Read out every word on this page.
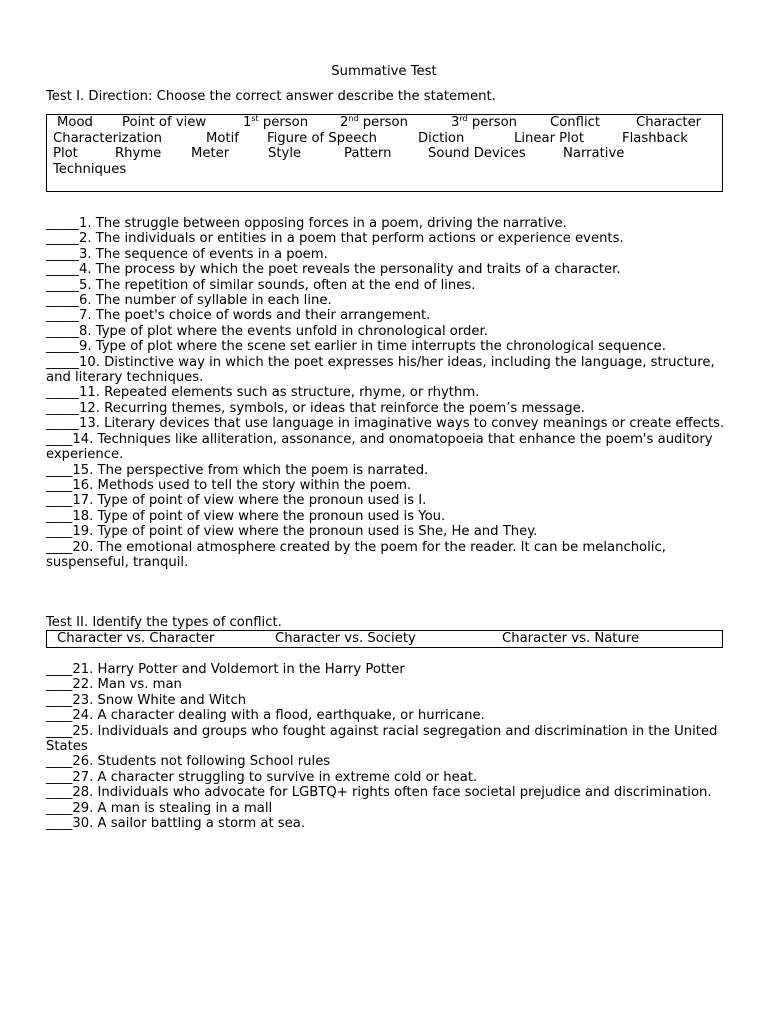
Summative Test
Test I. Direction: Choose the correct answer describe the statement.
Mood Point of view	1st person 2nd person	3rd person Conflict	Character
Characterization	Motif Figure of Speech	Diction	Linear Plot	Flashback
Plot	Rhyme Meter	Style	Pattern	Sound Devices	Narrative
Techniques

_____1. The struggle between opposing forces in a poem, driving the narrative.

_____2. The individuals or entities in a poem that perform actions or experience events.

_____3. The sequence of events in a poem.

_____4. The process by which the poet reveals the personality and traits of a character.

_____5. The repetition of similar sounds, often at the end of lines.

_____6. The number of syllable in each line.

_____7. The poet's choice of words and their arrangement.

_____8. Type of plot where the events unfold in chronological order.

_____9. Type of plot where the scene set earlier in time interrupts the chronological sequence.

_____10. Distinctive way in which the poet expresses his/her ideas, including the language, structure, and literary techniques.

_____11. Repeated elements such as structure, rhyme, or rhythm.

_____12. Recurring themes, symbols, or ideas that reinforce the poem’s message.

_____13. Literary devices that use language in imaginative ways to convey meanings or create effects.

____14. Techniques like alliteration, assonance, and onomatopoeia that enhance the poem's auditory experience.

____15. The perspective from which the poem is narrated.

____16. Methods used to tell the story within the poem.

____17. Type of point of view where the pronoun used is I.

____18. Type of point of view where the pronoun used is You.

____19. Type of point of view where the pronoun used is She, He and They.

____20. The emotional atmosphere created by the poem for the reader. It can be melancholic, suspenseful, tranquil.

Test II. Identify the types of conflict.
Character vs. Character	Character vs. Society	Character vs. Nature

____21. Harry Potter and Voldemort in the Harry Potter

____22. Man vs. man

____23. Snow White and Witch

____24. A character dealing with a flood, earthquake, or hurricane.

____25. Individuals and groups who fought against racial segregation and discrimination in the United States

____26. Students not following School rules

____27. A character struggling to survive in extreme cold or heat.

____28. Individuals who advocate for LGBTQ+ rights often face societal prejudice and discrimination.

____29. A man is stealing in a mall

____30. A sailor battling a storm at sea.
